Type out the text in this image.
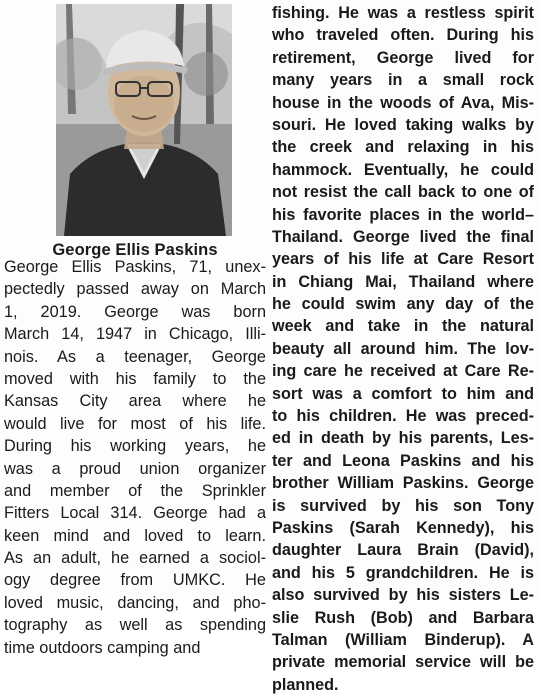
George Ellis Paskins
George Ellis Paskins, 71, unex-
pectedly passed away on March
1, 2019. George was born
March 14, 1947 in Chicago, Illi-
nois. As a teenager, George
moved with his family to the
Kansas City area where he
would live for most of his life.
During his working years, he
was a proud union organizer
and member of the Sprinkler
Fitters Local 314. George had a
keen mind and loved to learn.
As an adult, he earned a sociol-
ogy degree from UMKC. He
loved music, dancing, and pho-
tography as well as spending
time outdoors camping and
fishing. He was a restless spirit
who traveled often. During his
retirement, George lived for
many years in a small rock
house in the woods of Ava, Mis-
souri. He loved taking walks by
the creek and relaxing in his
hammock. Eventually, he could
not resist the call back to one of
his favorite places in the world–
Thailand. George lived the final
years of his life at Care Resort
in Chiang Mai, Thailand where
he could swim any day of the
week and take in the natural
beauty all around him. The lov-
ing care he received at Care Re-
sort was a comfort to him and
to his children. He was preced-
ed in death by his parents, Les-
ter and Leona Paskins and his
brother William Paskins. George
is survived by his son Tony
Paskins (Sarah Kennedy), his
daughter Laura Brain (David),
and his 5 grandchildren. He is
also survived by his sisters Le-
slie Rush (Bob) and Barbara
Talman (William Binderup). A
private memorial service will be
planned.
